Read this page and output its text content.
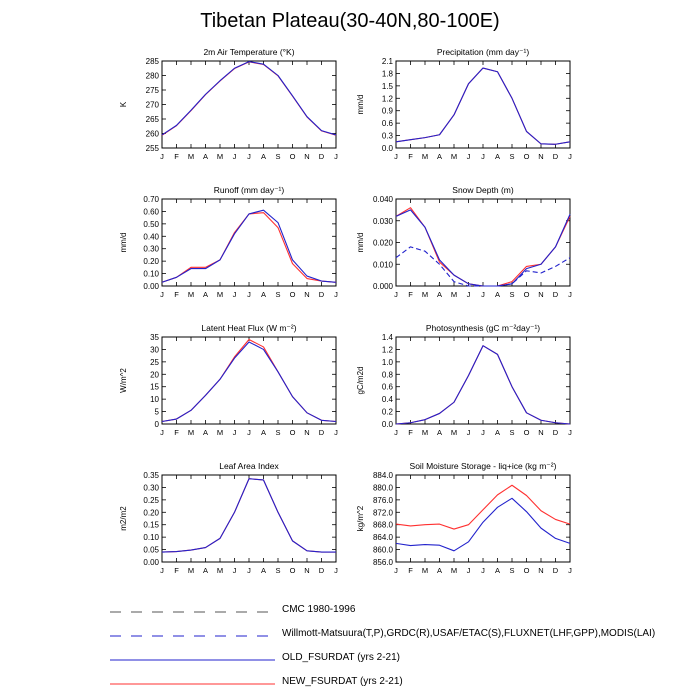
Tibetan Plateau(30-40N,80-100E)
2m Air Temperature (°K)
255
260
265
270
275
280
285
J F M A M J J A S O N D J
K
Precipitation (mm day⁻¹)
0.0
0.3
0.6
0.9
1.2
1.5
1.8
2.1
J F M A M J J A S O N D J
mm/d
Runoff (mm day⁻¹)
0.00
0.10
0.20
0.30
0.40
0.50
0.60
0.70
J F M A M J J A S O N D J
mm/d
Snow Depth (m)
0.000
0.010
0.020
0.030
0.040
J F M A M J J A S O N D J
mm/d
Latent Heat Flux (W m⁻²)
0
5
10
15
20
25
30
35
J F M A M J J A S O N D J
W/m^2
Photosynthesis (gC m⁻²day⁻¹)
0.0
0.2
0.4
0.6
0.8
1.0
1.2
1.4
J F M A M J J A S O N D J
gC/m2d
Leaf Area Index
0.00
0.05
0.10
0.15
0.20
0.25
0.30
0.35
J F M A M J J A S O N D J
m2/m2
Soil Moisture Storage - liq+ice (kg m⁻²)
856.0
860.0
864.0
868.0
872.0
876.0
880.0
884.0
J F M A M J J A S O N D J
kg/m^2
CMC 1980-1996
Willmott-Matsuura(T,P),GRDC(R),USAF/ETAC(S),FLUXNET(LHF,GPP),MODIS(LAI)
OLD_FSURDAT (yrs 2-21)
NEW_FSURDAT (yrs 2-21)
